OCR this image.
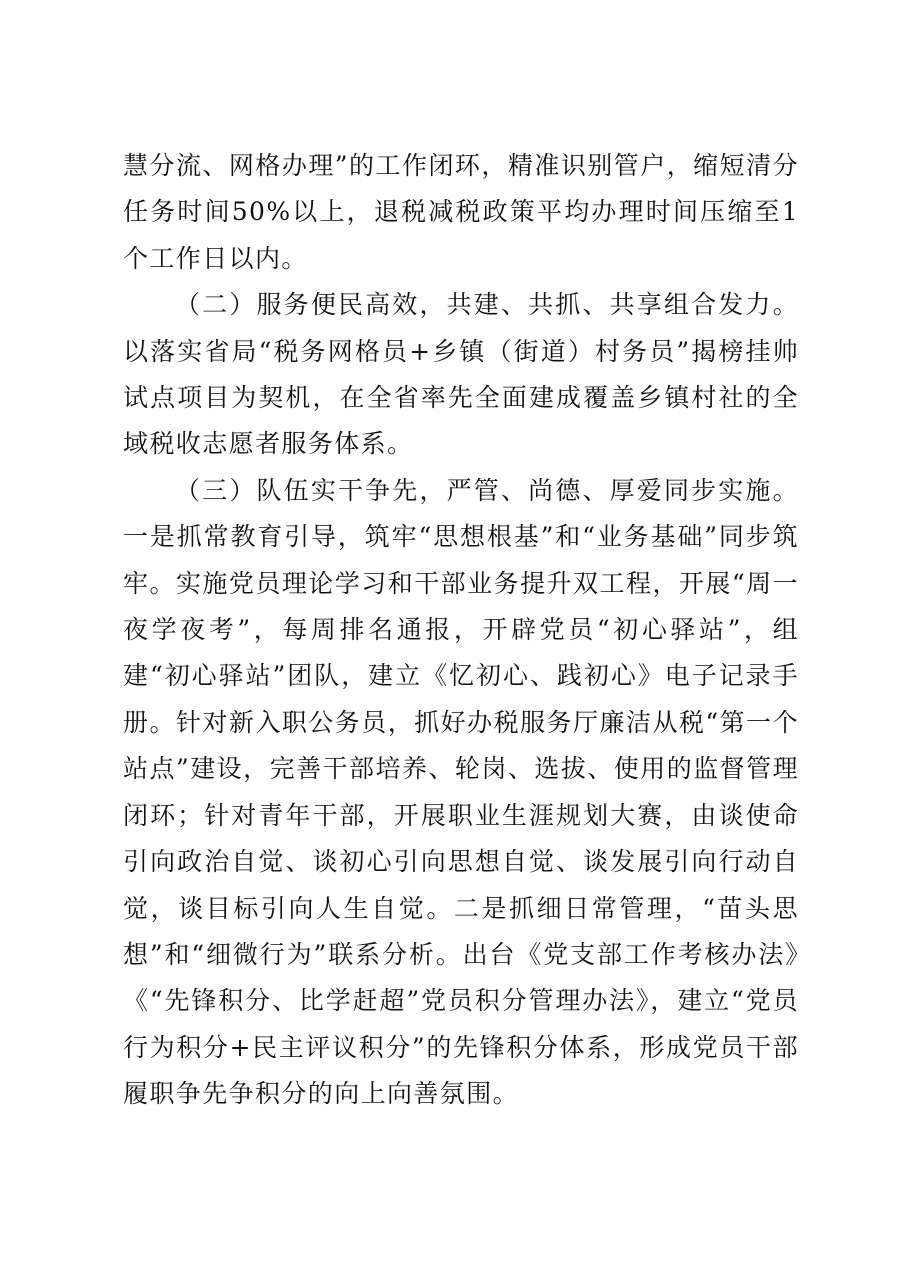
慧分流、网格办理”的工作闭环，精准识别管户，缩短清分任务时间50%以上，退税减税政策平均办理时间压缩至1个工作日以内。

（二）服务便民高效，共建、共抓、共享组合发力。以落实省局“税务网格员+乡镇（街道）村务员”揭榜挂帅试点项目为契机，在全省率先全面建成覆盖乡镇村社的全域税收志愿者服务体系。

（三）队伍实干争先，严管、尚德、厚爱同步实施。一是抓常教育引导，筑牢“思想根基”和“业务基础”同步筑牢。实施党员理论学习和干部业务提升双工程，开展“周一夜学夜考”，每周排名通报，开辟党员“初心驿站”，组建“初心驿站”团队，建立《忆初心、践初心》电子记录手册。针对新入职公务员，抓好办税服务厅廉洁从税“第一个站点”建设，完善干部培养、轮岗、选拔、使用的监督管理闭环；针对青年干部，开展职业生涯规划大赛，由谈使命引向政治自觉、谈初心引向思想自觉、谈发展引向行动自觉，谈目标引向人生自觉。二是抓细日常管理，“苗头思想”和“细微行为”联系分析。出台《党支部工作考核办法》《“先锋积分、比学赶超”党员积分管理办法》，建立“党员行为积分+民主评议积分”的先锋积分体系，形成党员干部履职争先争积分的向上向善氛围。
